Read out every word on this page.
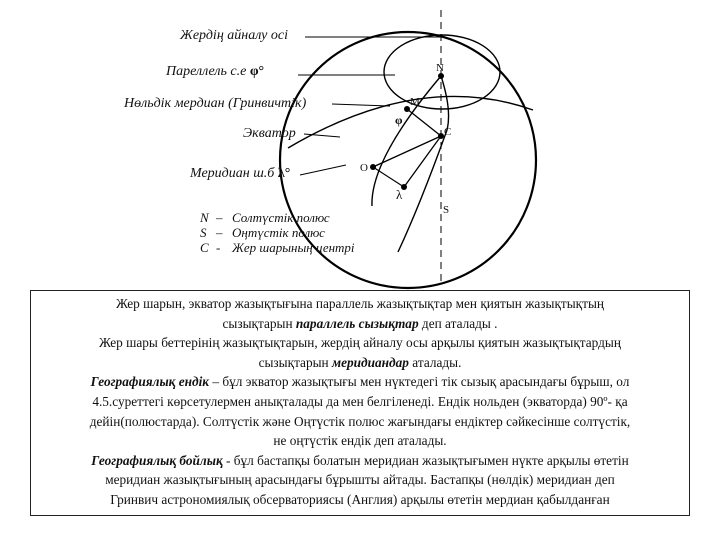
Жердің айналу осі
Пареллель с.е φ°
Нөльдік мердиан (Гринвичтік)
Экватор
Меридиан ш.б λ°
N
M
φ
C
O
λ
S
N – Солтүстік полюс
S – Оңтүстік полюс
C - Жер шарының центрі

Жер шарын, экватор жазықтығына параллель жазықтықтар мен қиятын жазықтықтың

сызықтарын параллель сызықтар деп аталады .

Жер шары беттерінің жазықтықтарын, жердің айналу осы арқылы қиятын жазықтықтардың

сызықтарын меридиандар аталады.

Географиялық ендік – бұл экватор жазықтығы мен нүктедегі тік сызық арасындағы бұрыш, ол

4.5.суреттегі көрсетулермен анықталады да мен белгіленеді. Ендік нольден (экваторда) 90º- қа

дейін(полюстарда). Солтүстік және Оңтүстік полюс жағындағы ендіктер сәйкесінше солтүстік,

не оңтүстік ендік деп аталады.

Географиялық бойлық - бұл бастапқы болатын меридиан жазықтығымен нүкте арқылы өтетін

меридиан жазықтығының арасындағы бұрышты айтады. Бастапқы (нөлдік) меридиан деп

Гринвич астрономиялық обсерваториясы (Англия) арқылы өтетін мердиан қабылданған
